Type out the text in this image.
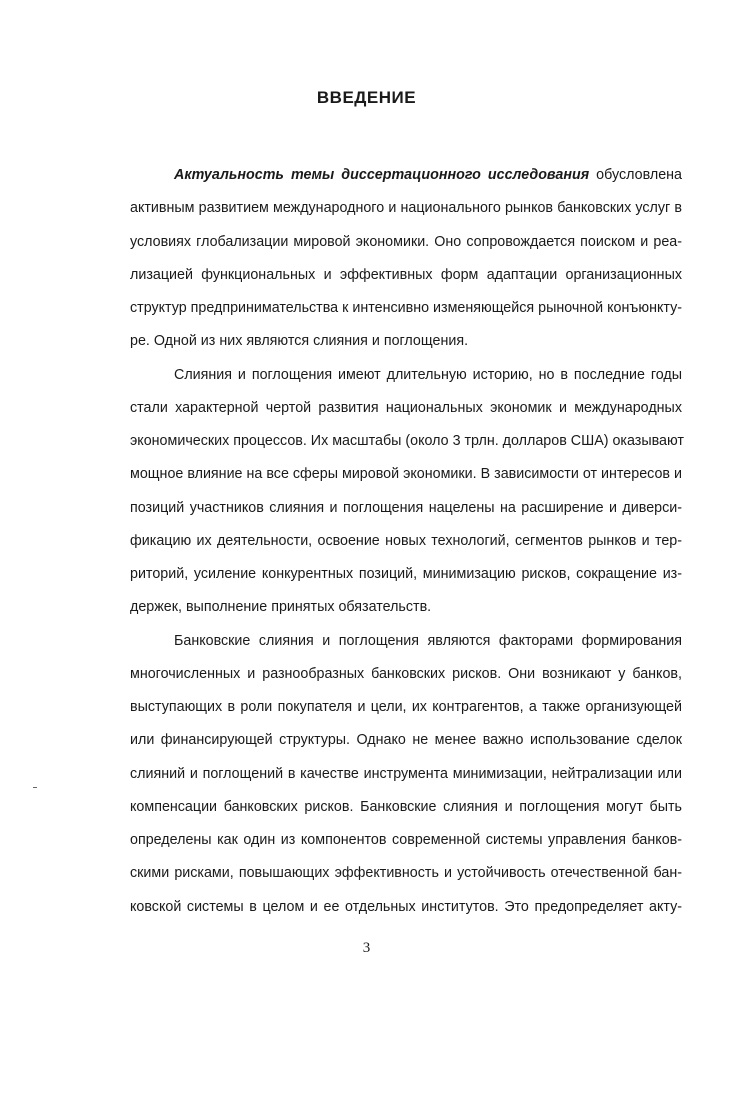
ВВЕДЕНИЕ
Актуальность темы диссертационного исследования обусловлена
активным развитием международного и национального рынков банковских услуг в
условиях глобализации мировой экономики. Оно сопровождается поиском и реа-
лизацией функциональных и эффективных форм адаптации организационных
структур предпринимательства к интенсивно изменяющейся рыночной конъюнкту-
ре. Одной из них являются слияния и поглощения.
Слияния и поглощения имеют длительную историю, но в последние годы
стали характерной чертой развития национальных экономик и международных
экономических процессов. Их масштабы (около 3 трлн. долларов США) оказывают
мощное влияние на все сферы мировой экономики. В зависимости от интересов и
позиций участников слияния и поглощения нацелены на расширение и диверси-
фикацию их деятельности, освоение новых технологий, сегментов рынков и тер-
риторий, усиление конкурентных позиций, минимизацию рисков, сокращение из-
держек, выполнение принятых обязательств.
Банковские слияния и поглощения являются факторами формирования
многочисленных и разнообразных банковских рисков. Они возникают у банков,
выступающих в роли покупателя и цели, их контрагентов, а также организующей
или финансирующей структуры. Однако не менее важно использование сделок
слияний и поглощений в качестве инструмента минимизации, нейтрализации или
компенсации банковских рисков. Банковские слияния и поглощения могут быть
определены как один из компонентов современной системы управления банков-
скими рисками, повышающих эффективность и устойчивость отечественной бан-
ковской системы в целом и ее отдельных институтов. Это предопределяет акту-
3
